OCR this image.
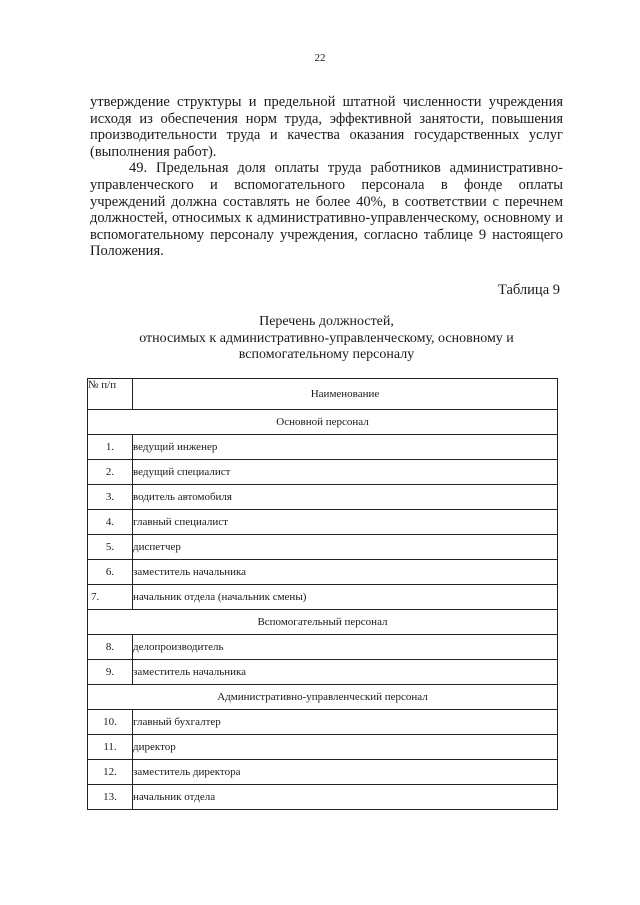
22

утверждение структуры и предельной штатной численности учреждения исходя из обеспечения норм труда, эффективной занятости, повышения производительности труда и качества оказания государственных услуг (выполнения работ).

49. Предельная доля оплаты труда работников административно-управленческого и вспомогательного персонала в фонде оплаты учреждений должна составлять не более 40%, в соответствии с перечнем должностей, относимых к административно-управленческому, основному и вспомогательному персоналу учреждения, согласно таблице 9 настоящего Положения.

Таблица 9
Перечень должностей,
относимых к административно-управленческому, основному и
вспомогательному персоналу
№ п/п	Наименование
Основной персонал	
1.	ведущий инженер
2.	ведущий специалист
3.	водитель автомобиля
4.	главный специалист
5.	диспетчер
6.	заместитель начальника
7.	начальник отдела (начальник смены)
Вспомогательный персонал	
8.	делопроизводитель
9.	заместитель начальника
Административно-управленческий персонал	
10.	главный бухгалтер
11.	директор
12.	заместитель директора
13.	начальник отдела
